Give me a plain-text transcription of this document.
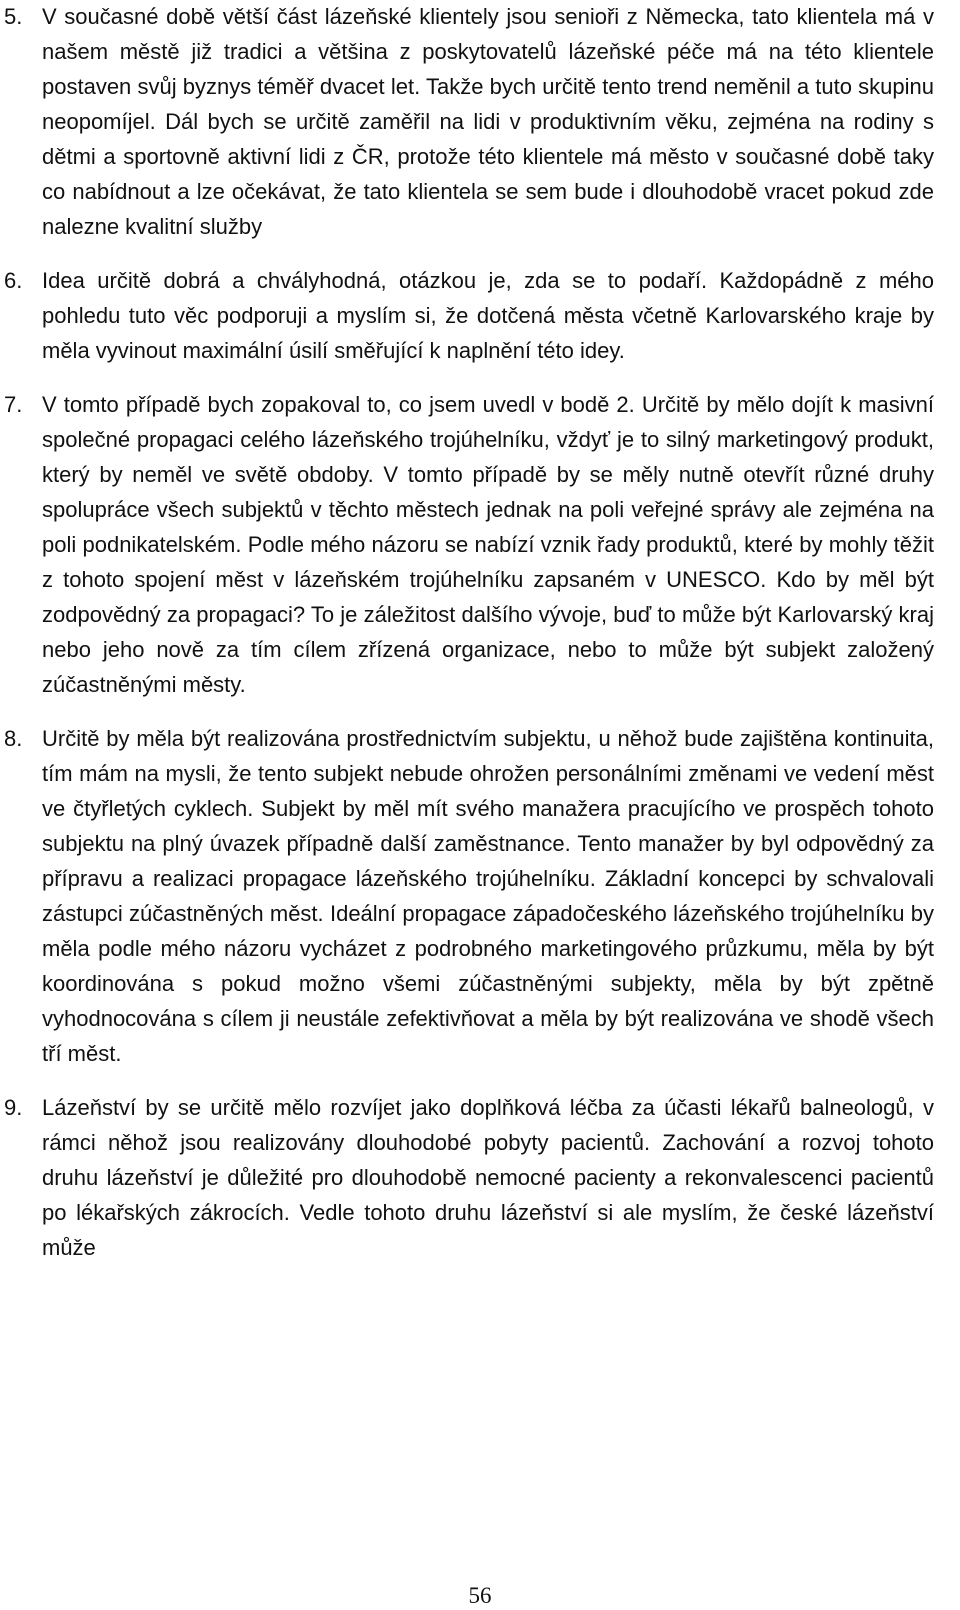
5. V současné době větší část lázeňské klientely jsou senioři z Německa, tato klientela má v našem městě již tradici a většina z poskytovatelů lázeňské péče má na této klientele postaven svůj byznys téměř dvacet let. Takže bych určitě tento trend neměnil a tuto skupinu neopomíjel. Dál bych se určitě zaměřil na lidi v produktivním věku, zejména na rodiny s dětmi a sportovně aktivní lidi z ČR, protože této klientele má město v současné době taky co nabídnout a lze očekávat, že tato klientela se sem bude i dlouhodobě vracet pokud zde nalezne kvalitní služby
6. Idea určitě dobrá a chvályhodná, otázkou je, zda se to podaří. Každopádně z mého pohledu tuto věc podporuji a myslím si, že dotčená města včetně Karlovarského kraje by měla vyvinout maximální úsilí směřující k naplnění této idey.
7. V tomto případě bych zopakoval to, co jsem uvedl v bodě 2. Určitě by mělo dojít k masivní společné propagaci celého lázeňského trojúhelníku, vždyť je to silný marketingový produkt, který by neměl ve světě obdoby. V tomto případě by se měly nutně otevřít různé druhy spolupráce všech subjektů v těchto městech jednak na poli veřejné správy ale zejména na poli podnikatelském. Podle mého názoru se nabízí vznik řady produktů, které by mohly těžit z tohoto spojení měst v lázeňském trojúhelníku zapsaném v UNESCO. Kdo by měl být zodpovědný za propagaci? To je záležitost dalšího vývoje, buď to může být Karlovarský kraj nebo jeho nově za tím cílem zřízená organizace, nebo to může být subjekt založený zúčastněnými městy.
8. Určitě by měla být realizována prostřednictvím subjektu, u něhož bude zajištěna kontinuita, tím mám na mysli, že tento subjekt nebude ohrožen personálními změnami ve vedení měst ve čtyřletých cyklech. Subjekt by měl mít svého manažera pracujícího ve prospěch tohoto subjektu na plný úvazek případně další zaměstnance. Tento manažer by byl odpovědný za přípravu a realizaci propagace lázeňského trojúhelníku. Základní koncepci by schvalovali zástupci zúčastněných měst. Ideální propagace západočeského lázeňského trojúhelníku by měla podle mého názoru vycházet z podrobného marketingového průzkumu, měla by být koordinována s pokud možno všemi zúčastněnými subjekty, měla by být zpětně vyhodnocována s cílem ji neustále zefektivňovat a měla by být realizována ve shodě všech tří měst.
9. Lázeňství by se určitě mělo rozvíjet jako doplňková léčba za účasti lékařů balneologů, v rámci něhož jsou realizovány dlouhodobé pobyty pacientů. Zachování a rozvoj tohoto druhu lázeňství je důležité pro dlouhodobě nemocné pacienty a rekonvalescenci pacientů po lékařských zákrocích. Vedle tohoto druhu lázeňství si ale myslím, že české lázeňství může
56
